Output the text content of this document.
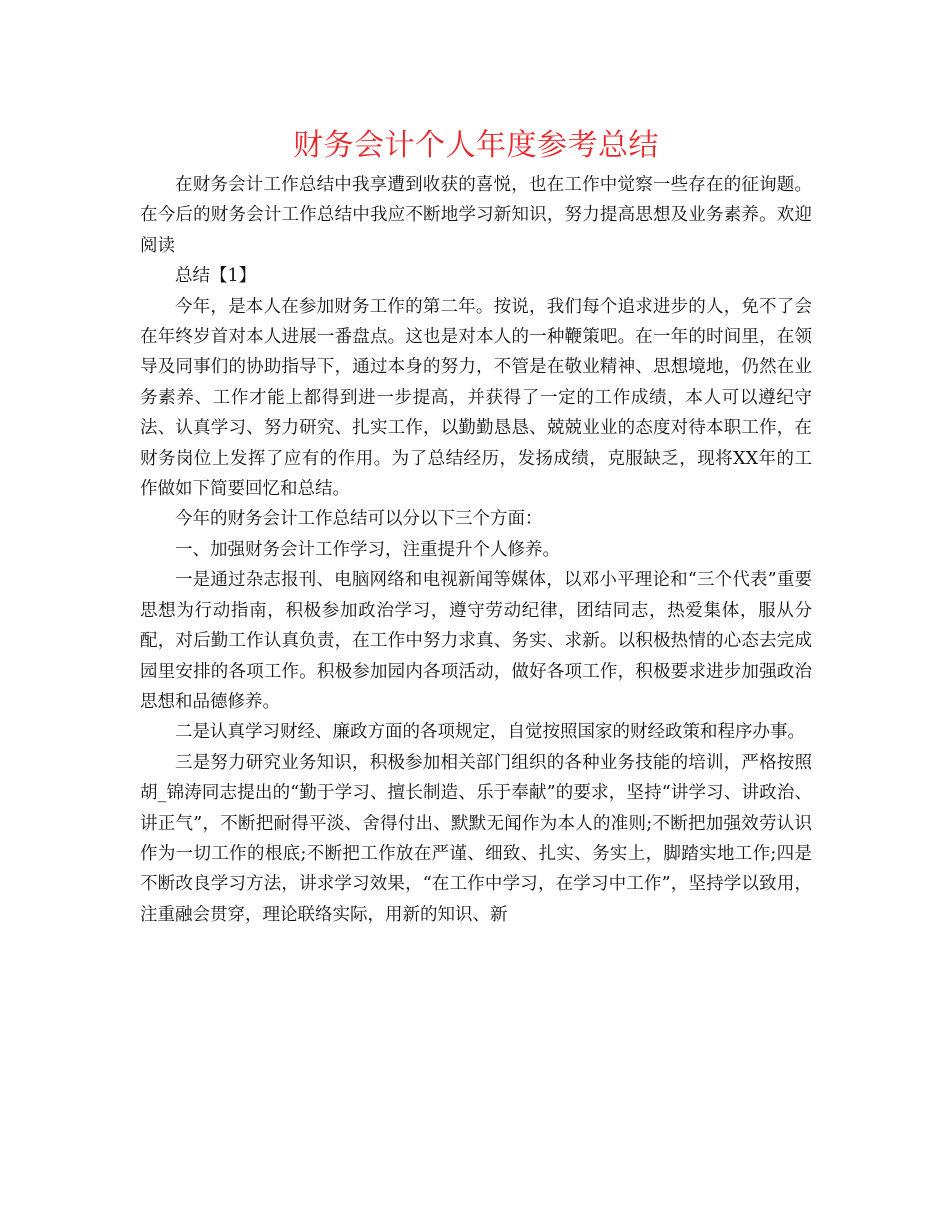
财务会计个人年度参考总结

在财务会计工作总结中我享遭到收获的喜悦，也在工作中觉察一些存在的征询题。在今后的财务会计工作总结中我应不断地学习新知识，努力提高思想及业务素养。欢迎阅读

总结【1】

今年，是本人在参加财务工作的第二年。按说，我们每个追求进步的人，免不了会在年终岁首对本人进展一番盘点。这也是对本人的一种鞭策吧。在一年的时间里，在领导及同事们的协助指导下，通过本身的努力，不管是在敬业精神、思想境地，仍然在业务素养、工作才能上都得到进一步提高，并获得了一定的工作成绩，本人可以遵纪守法、认真学习、努力研究、扎实工作，以勤勤恳恳、兢兢业业的态度对待本职工作，在财务岗位上发挥了应有的作用。为了总结经历，发扬成绩，克服缺乏，现将XX年的工作做如下简要回忆和总结。

今年的财务会计工作总结可以分以下三个方面：

一、加强财务会计工作学习，注重提升个人修养。

一是通过杂志报刊、电脑网络和电视新闻等媒体，以邓小平理论和“三个代表”重要思想为行动指南，积极参加政治学习，遵守劳动纪律，团结同志，热爱集体，服从分配，对后勤工作认真负责，在工作中努力求真、务实、求新。以积极热情的心态去完成园里安排的各项工作。积极参加园内各项活动，做好各项工作，积极要求进步加强政治思想和品德修养。

二是认真学习财经、廉政方面的各项规定，自觉按照国家的财经政策和程序办事。

三是努力研究业务知识，积极参加相关部门组织的各种业务技能的培训，严格按照胡_锦涛同志提出的“勤于学习、擅长制造、乐于奉献”的要求，坚持“讲学习、讲政治、讲正气”，不断把耐得平淡、舍得付出、默默无闻作为本人的准则;不断把加强效劳认识作为一切工作的根底;不断把工作放在严谨、细致、扎实、务实上，脚踏实地工作;四是不断改良学习方法，讲求学习效果，“在工作中学习，在学习中工作”，坚持学以致用，注重融会贯穿，理论联络实际，用新的知识、新
